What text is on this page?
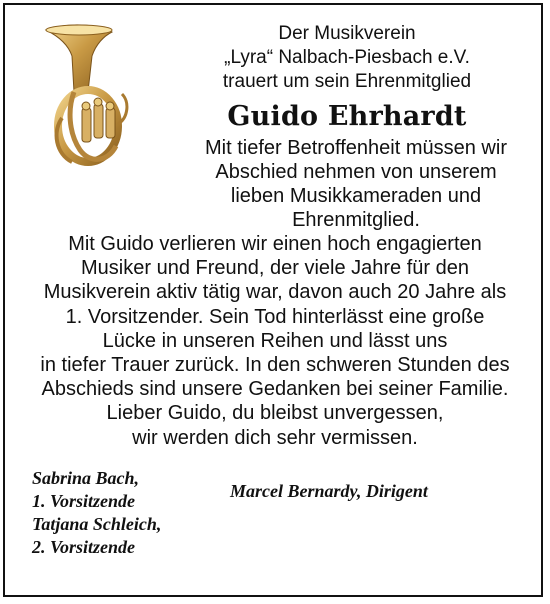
Der Musikverein
„Lyra“ Nalbach-Piesbach e.V.
trauert um sein Ehrenmitglied
Guido Ehrhardt
Mit tiefer Betroffenheit müssen wir
Abschied nehmen von unserem
lieben Musikkameraden und
Ehrenmitglied.
Mit Guido verlieren wir einen hoch engagierten
Musiker und Freund, der viele Jahre für den
Musikverein aktiv tätig war, davon auch 20 Jahre als
1. Vorsitzender. Sein Tod hinterlässt eine große
Lücke in unseren Reihen und lässt uns
in tiefer Trauer zurück. In den schweren Stunden des
Abschieds sind unsere Gedanken bei seiner Familie.
Lieber Guido, du bleibst unvergessen,
wir werden dich sehr vermissen.
Sabrina Bach,
1. Vorsitzende
Tatjana Schleich,
2. Vorsitzende
Marcel Bernardy, Dirigent
